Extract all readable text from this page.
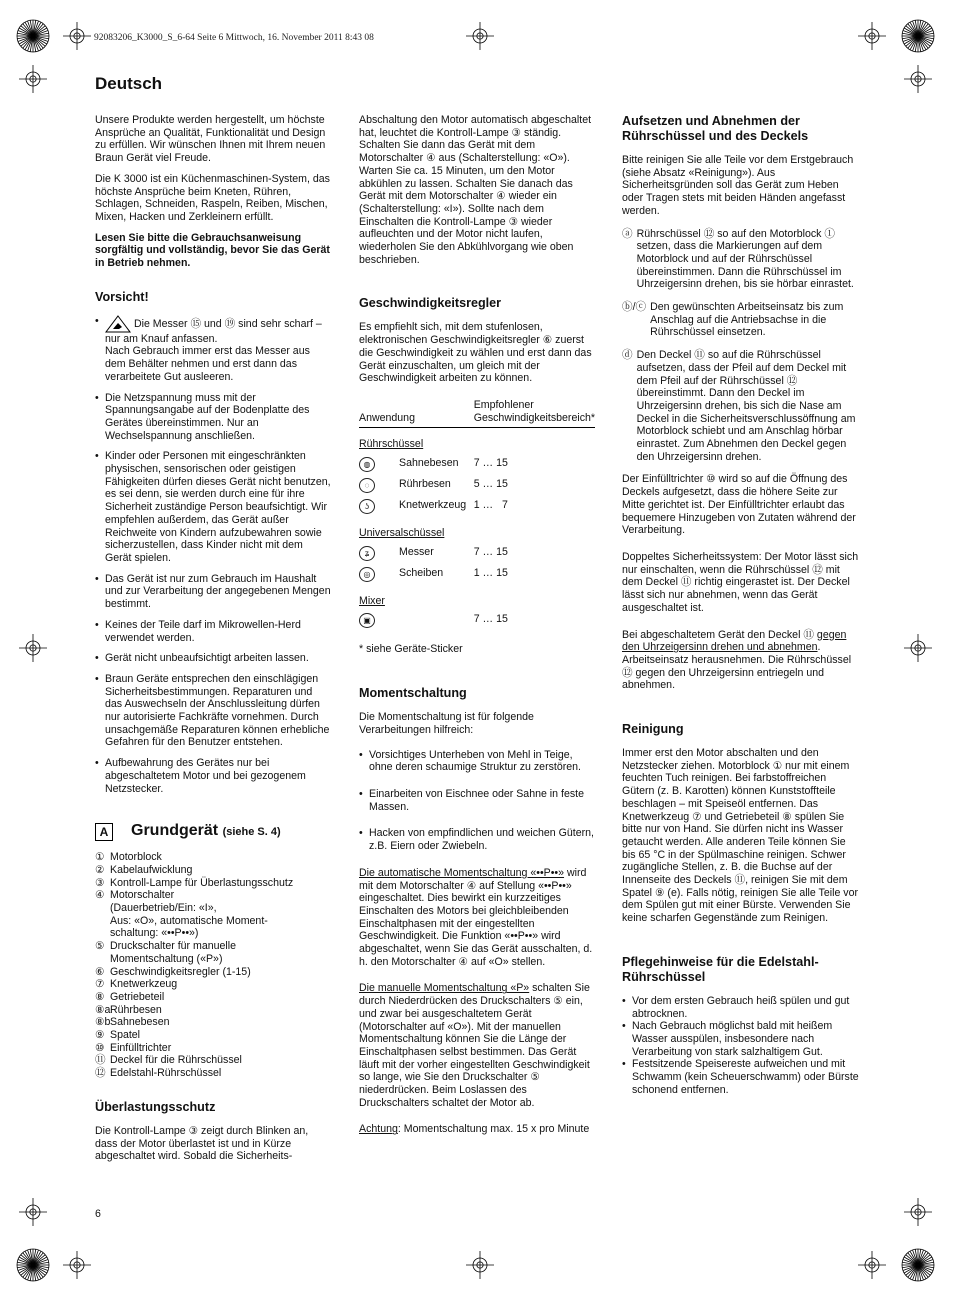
92083206_K3000_S_6-64 Seite 6 Mittwoch, 16. November 2011 8:43 08
Deutsch

Unsere Produkte werden hergestellt, um höchste Ansprüche an Qualität, Funktionalität und Design zu erfüllen. Wir wünschen Ihnen mit Ihrem neuen Braun Gerät viel Freude.

Die K 3000 ist ein Küchenmaschinen-System, das höchste Ansprüche beim Kneten, Rühren, Schlagen, Schneiden, Raspeln, Reiben, Mischen, Mixen, Hacken und Zerkleinern erfüllt.

Lesen Sie bitte die Gebrauchsanweisung sorgfältig und vollständig, bevor Sie das Gerät in Betrieb nehmen.

Vorsicht!
• Die Messer ⑮ und ⑲ sind sehr scharf – nur am Knauf anfassen.
Nach Gebrauch immer erst das Messer aus dem Behälter nehmen und erst dann das verarbeitete Gut ausleeren.
• Die Netzspannung muss mit der Spannungsangabe auf der Bodenplatte des Gerätes übereinstimmen. Nur an Wechselspannung anschließen.
• Kinder oder Personen mit eingeschränkten physischen, sensorischen oder geistigen Fähigkeiten dürfen dieses Gerät nicht benutzen, es sei denn, sie werden durch eine für ihre Sicherheit zuständige Person beaufsichtigt. Wir empfehlen außerdem, das Gerät außer Reichweite von Kindern aufzubewahren sowie sicherzustellen, dass Kinder nicht mit dem Gerät spielen.
• Das Gerät ist nur zum Gebrauch im Haushalt und zur Verarbeitung der angegebenen Mengen bestimmt.
• Keines der Teile darf im Mikrowellen-Herd verwendet werden.
• Gerät nicht unbeaufsichtigt arbeiten lassen.
• Braun Geräte entsprechen den einschlägigen Sicherheitsbestimmungen. Reparaturen und das Auswechseln der Anschlussleitung dürfen nur autorisierte Fachkräfte vornehmen. Durch unsachgemäße Reparaturen können erhebliche Gefahren für den Benutzer entstehen.
• Aufbewahrung des Gerätes nur bei abgeschaltetem Motor und bei gezogenem Netzstecker.
A Grundgerät (siehe S. 4)
① Motorblock
② Kabelaufwicklung
③ Kontroll-Lampe für Überlastungsschutz
④ Motorschalter
(Dauerbetrieb/Ein: «I»,
Aus: «O», automatische Moment-
schaltung: «••P••»)
⑤ Druckschalter für manuelle
Momentschaltung («P»)
⑥ Geschwindigkeitsregler (1-15)
⑦ Knetwerkzeug
⑧ Getriebeteil
⑧a Rührbesen
⑧b Sahnebesen
⑨ Spatel
⑩ Einfülltrichter
⑪ Deckel für die Rührschüssel
⑫ Edelstahl-Rührschüssel
Überlastungsschutz

Die Kontroll-Lampe ③ zeigt durch Blinken an, dass der Motor überlastet ist und in Kürze abgeschaltet wird. Sobald die Sicherheits-

Abschaltung den Motor automatisch abgeschaltet hat, leuchtet die Kontroll-Lampe ③ ständig. Schalten Sie dann das Gerät mit dem Motorschalter ④ aus (Schalterstellung: «O»). Warten Sie ca. 15 Minuten, um den Motor abkühlen zu lassen. Schalten Sie danach das Gerät mit dem Motorschalter ④ wieder ein (Schalterstellung: «I»). Sollte nach dem Einschalten die Kontroll-Lampe ③ wieder aufleuchten und der Motor nicht laufen, wiederholen Sie den Abkühlvorgang wie oben beschrieben.

Geschwindigkeitsregler

Es empfiehlt sich, mit dem stufenlosen, elektronischen Geschwindigkeitsregler ⑥ zuerst die Geschwindigkeit zu wählen und erst dann das Gerät einzuschalten, um gleich mit der Geschwindigkeit arbeiten zu können.

Anwendung		Empfohlener Geschwindigkeitsbereich*
Rührschüssel		
◍	Sahnebesen	7 … 15
◌	Rührbesen	5 … 15
ʖ	Knetwerkzeug	1 …   7
Universalschüssel		
ʑ	Messer	7 … 15
◎	Scheiben	1 … 15
Mixer		
▣		7 … 15

* siehe Geräte-Sticker

Momentschaltung

Die Momentschaltung ist für folgende Verarbeitungen hilfreich:

• Vorsichtiges Unterheben von Mehl in Teige, ohne deren schaumige Struktur zu zerstören.
• Einarbeiten von Eischnee oder Sahne in feste Massen.
• Hacken von empfindlichen und weichen Gütern, z.B. Eiern oder Zwiebeln.

Die automatische Momentschaltung «••P••» wird mit dem Motorschalter ④ auf Stellung «••P••» eingeschaltet. Dies bewirkt ein kurzzeitiges Einschalten des Motors bei gleichbleibenden Einschaltphasen mit der eingestellten Geschwindigkeit. Die Funktion «••P••» wird abgeschaltet, wenn Sie das Gerät ausschalten, d. h. den Motorschalter ④ auf «O» stellen.

Die manuelle Momentschaltung «P» schalten Sie durch Niederdrücken des Druckschalters ⑤ ein, und zwar bei ausgeschaltetem Gerät (Motorschalter auf «O»). Mit der manuellen Momentschaltung können Sie die Länge der Einschaltphasen selbst bestimmen. Das Gerät läuft mit der vorher eingestellten Geschwindigkeit so lange, wie Sie den Druckschalter ⑤ niederdrücken. Beim Loslassen des Druckschalters schaltet der Motor ab.

Achtung: Momentschaltung max. 15 x pro Minute

Aufsetzen und Abnehmen der Rührschüssel und des Deckels

Bitte reinigen Sie alle Teile vor dem Erstgebrauch (siehe Absatz «Reinigung»). Aus Sicherheitsgründen soll das Gerät zum Heben oder Tragen stets mit beiden Händen angefasst werden.

ⓐ Rührschüssel ⑫ so auf den Motorblock ① setzen, dass die Markierungen auf dem Motorblock und auf der Rührschüssel übereinstimmen. Dann die Rührschüssel im Uhrzeigersinn drehen, bis sie hörbar einrastet.

ⓑ/ⓒ Den gewünschten Arbeitseinsatz bis zum Anschlag auf die Antriebsachse in die Rührschüssel einsetzen.

ⓓ Den Deckel ⑪ so auf die Rührschüssel aufsetzen, dass der Pfeil auf dem Deckel mit dem Pfeil auf der Rührschüssel ⑫ übereinstimmt. Dann den Deckel im Uhrzeigersinn drehen, bis sich die Nase am Deckel in die Sicherheitsverschlussöffnung am Motorblock schiebt und am Anschlag hörbar einrastet. Zum Abnehmen den Deckel gegen den Uhrzeigersinn drehen.

Der Einfülltrichter ⑩ wird so auf die Öffnung des Deckels aufgesetzt, dass die höhere Seite zur Mitte gerichtet ist. Der Einfülltrichter erlaubt das bequemere Hinzugeben von Zutaten während der Verarbeitung.

Doppeltes Sicherheitssystem: Der Motor lässt sich nur einschalten, wenn die Rührschüssel ⑫ mit dem Deckel ⑪ richtig eingerastet ist. Der Deckel lässt sich nur abnehmen, wenn das Gerät ausgeschaltet ist.

Bei abgeschaltetem Gerät den Deckel ⑪ gegen den Uhrzeigersinn drehen und abnehmen. Arbeitseinsatz herausnehmen. Die Rührschüssel ⑫ gegen den Uhrzeigersinn entriegeln und abnehmen.

Reinigung

Immer erst den Motor abschalten und den Netzstecker ziehen. Motorblock ① nur mit einem feuchten Tuch reinigen. Bei farbstoffreichen Gütern (z. B. Karotten) können Kunststoffteile beschlagen – mit Speiseöl entfernen. Das Knetwerkzeug ⑦ und Getriebeteil ⑧ spülen Sie bitte nur von Hand. Sie dürfen nicht ins Wasser getaucht werden. Alle anderen Teile können Sie bis 65 °C in der Spülmaschine reinigen. Schwer zugängliche Stellen, z. B. die Buchse auf der Innenseite des Deckels ⑪, reinigen Sie mit dem Spatel ⑨ (e). Falls nötig, reinigen Sie alle Teile vor dem Spülen gut mit einer Bürste. Verwenden Sie keine scharfen Gegenstände zum Reinigen.

Pflegehinweise für die Edelstahl-Rührschüssel
• Vor dem ersten Gebrauch heiß spülen und gut abtrocknen.
• Nach Gebrauch möglichst bald mit heißem Wasser ausspülen, insbesondere nach Verarbeitung von stark salzhaltigem Gut.
• Festsitzende Speisereste aufweichen und mit Schwamm (kein Scheuerschwamm) oder Bürste schonend entfernen.
6
